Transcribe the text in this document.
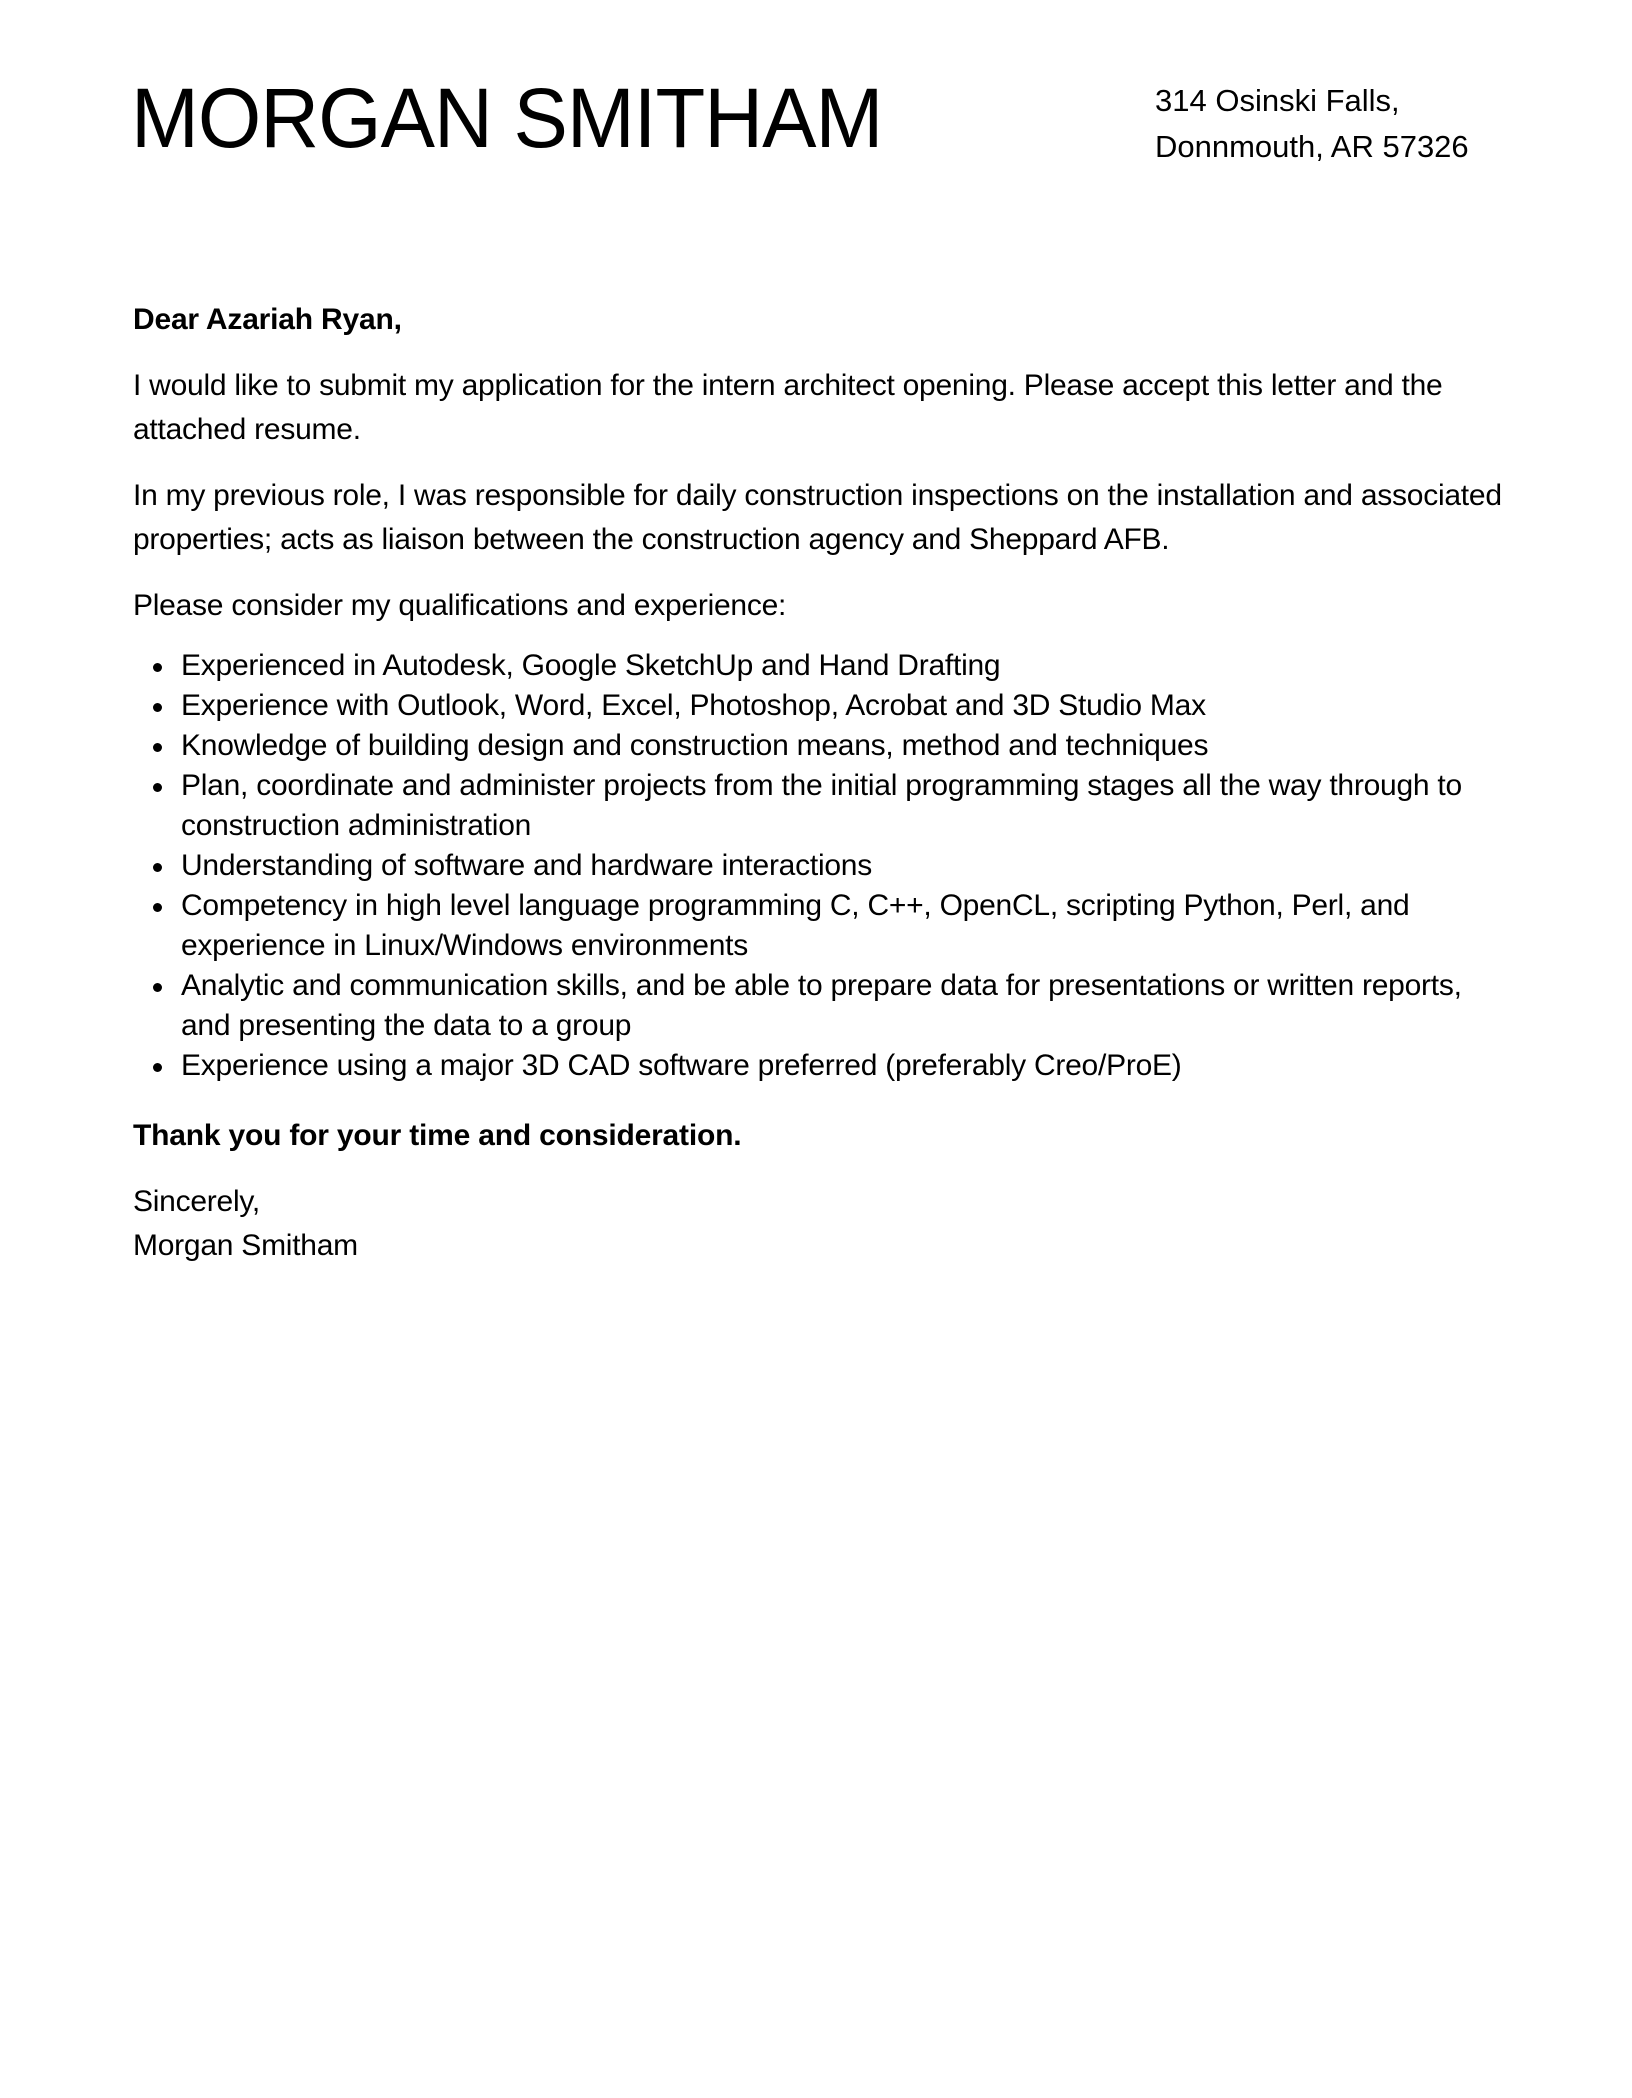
MORGAN SMITHAM	314 Osinski Falls,
Donnmouth, AR 57326

Dear Azariah Ryan,

I would like to submit my application for the intern architect opening. Please accept this letter and the attached resume.

In my previous role, I was responsible for daily construction inspections on the installation and associated properties; acts as liaison between the construction agency and Sheppard AFB.

Please consider my qualifications and experience:

Experienced in Autodesk, Google SketchUp and Hand Drafting
Experience with Outlook, Word, Excel, Photoshop, Acrobat and 3D Studio Max
Knowledge of building design and construction means, method and techniques
Plan, coordinate and administer projects from the initial programming stages all the way through to construction administration
Understanding of software and hardware interactions
Competency in high level language programming C, C++, OpenCL, scripting Python, Perl, and experience in Linux/Windows environments
Analytic and communication skills, and be able to prepare data for presentations or written reports, and presenting the data to a group
Experience using a major 3D CAD software preferred (preferably Creo/ProE)

Thank you for your time and consideration.

Sincerely,

Morgan Smitham
